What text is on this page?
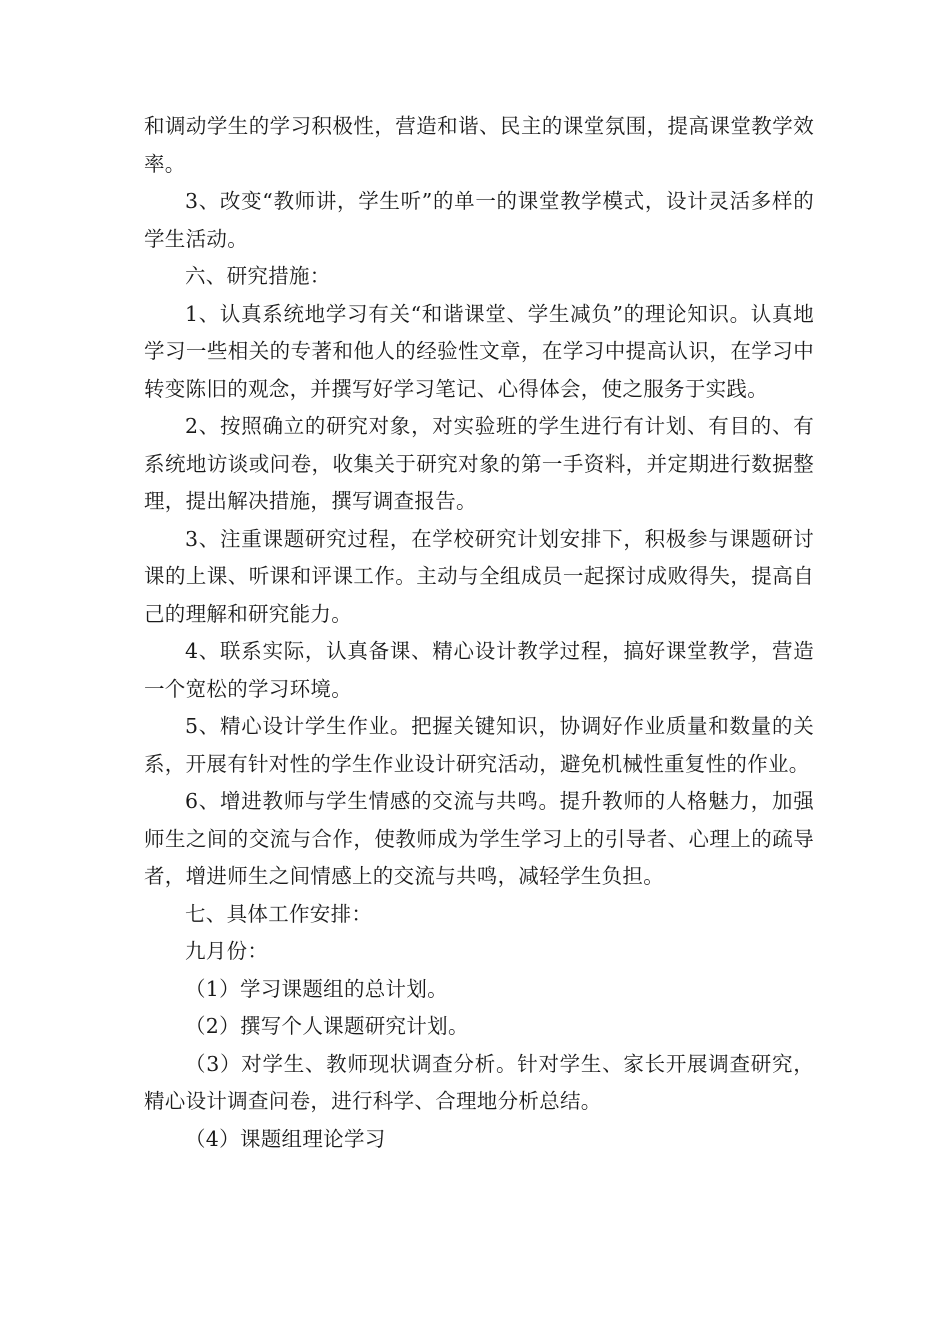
和调动学生的学习积极性，营造和谐、民主的课堂氛围，提高课堂教学效率。

3、改变“教师讲，学生听”的单一的课堂教学模式，设计灵活多样的学生活动。

六、研究措施：

1、认真系统地学习有关“和谐课堂、学生减负”的理论知识。认真地学习一些相关的专著和他人的经验性文章，在学习中提高认识，在学习中转变陈旧的观念，并撰写好学习笔记、心得体会，使之服务于实践。

2、按照确立的研究对象，对实验班的学生进行有计划、有目的、有系统地访谈或问卷，收集关于研究对象的第一手资料，并定期进行数据整理，提出解决措施，撰写调查报告。

3、注重课题研究过程，在学校研究计划安排下，积极参与课题研讨课的上课、听课和评课工作。主动与全组成员一起探讨成败得失，提高自己的理解和研究能力。

4、联系实际，认真备课、精心设计教学过程，搞好课堂教学，营造一个宽松的学习环境。

5、精心设计学生作业。把握关键知识，协调好作业质量和数量的关系，开展有针对性的学生作业设计研究活动，避免机械性重复性的作业。

6、增进教师与学生情感的交流与共鸣。提升教师的人格魅力，加强师生之间的交流与合作，使教师成为学生学习上的引导者、心理上的疏导者，增进师生之间情感上的交流与共鸣，减轻学生负担。

七、具体工作安排：

九月份：

（1）学习课题组的总计划。

（2）撰写个人课题研究计划。

（3）对学生、教师现状调查分析。针对学生、家长开展调查研究，精心设计调查问卷，进行科学、合理地分析总结。

（4）课题组理论学习
